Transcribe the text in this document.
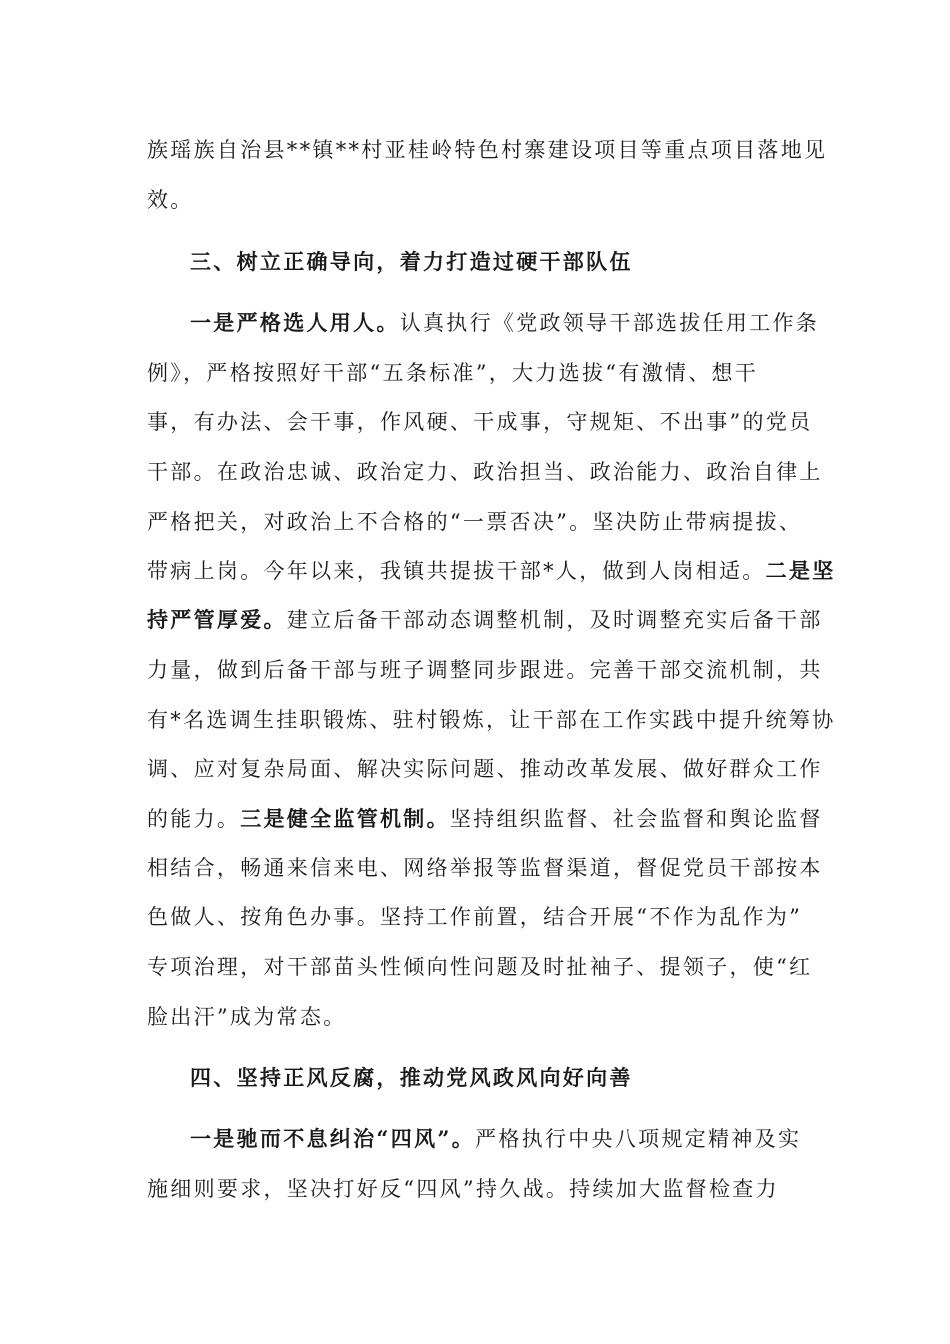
族瑶族自治县**镇**村亚桂岭特色村寨建设项目等重点项目落地见
效。
三、树立正确导向，着力打造过硬干部队伍
一是严格选人用人。认真执行《党政领导干部选拔任用工作条
例》，严格按照好干部“五条标准”，大力选拔“有激情、想干
事，有办法、会干事，作风硬、干成事，守规矩、不出事”的党员
干部。在政治忠诚、政治定力、政治担当、政治能力、政治自律上
严格把关，对政治上不合格的“一票否决”。坚决防止带病提拔、
带病上岗。今年以来，我镇共提拔干部*人，做到人岗相适。二是坚
持严管厚爱。建立后备干部动态调整机制，及时调整充实后备干部
力量，做到后备干部与班子调整同步跟进。完善干部交流机制，共
有*名选调生挂职锻炼、驻村锻炼，让干部在工作实践中提升统筹协
调、应对复杂局面、解决实际问题、推动改革发展、做好群众工作
的能力。三是健全监管机制。坚持组织监督、社会监督和舆论监督
相结合，畅通来信来电、网络举报等监督渠道，督促党员干部按本
色做人、按角色办事。坚持工作前置，结合开展“不作为乱作为”
专项治理，对干部苗头性倾向性问题及时扯袖子、提领子，使“红
脸出汗”成为常态。
四、坚持正风反腐，推动党风政风向好向善
一是驰而不息纠治“四风”。严格执行中央八项规定精神及实
施细则要求，坚决打好反“四风”持久战。持续加大监督检查力
